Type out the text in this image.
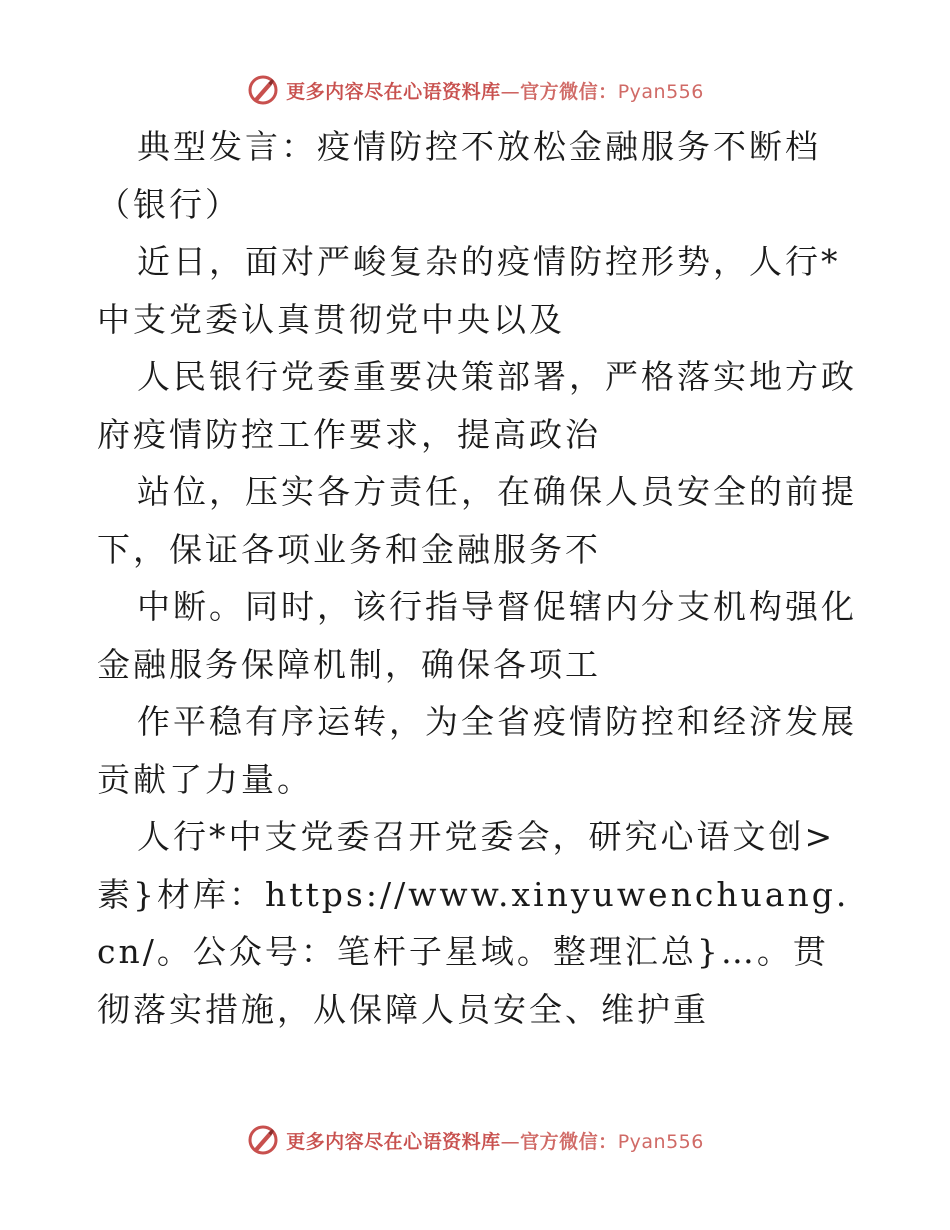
更多内容尽在心语资料库—官方微信：Pyan556

典型发言：疫情防控不放松金融服务不断档（银行）

近日，面对严峻复杂的疫情防控形势，人行*中支党委认真贯彻党中央以及

人民银行党委重要决策部署，严格落实地方政府疫情防控工作要求，提高政治

站位，压实各方责任，在确保人员安全的前提下，保证各项业务和金融服务不

中断。同时，该行指导督促辖内分支机构强化金融服务保障机制，确保各项工

作平稳有序运转，为全省疫情防控和经济发展贡献了力量。

人行*中支党委召开党委会，研究心语文创>素}材库：https://www.xinyuwenchuang.cn/。公众号：笔杆子星域。整理汇总}…。贯彻落实措施，从保障人员安全、维护重

更多内容尽在心语资料库—官方微信：Pyan556
